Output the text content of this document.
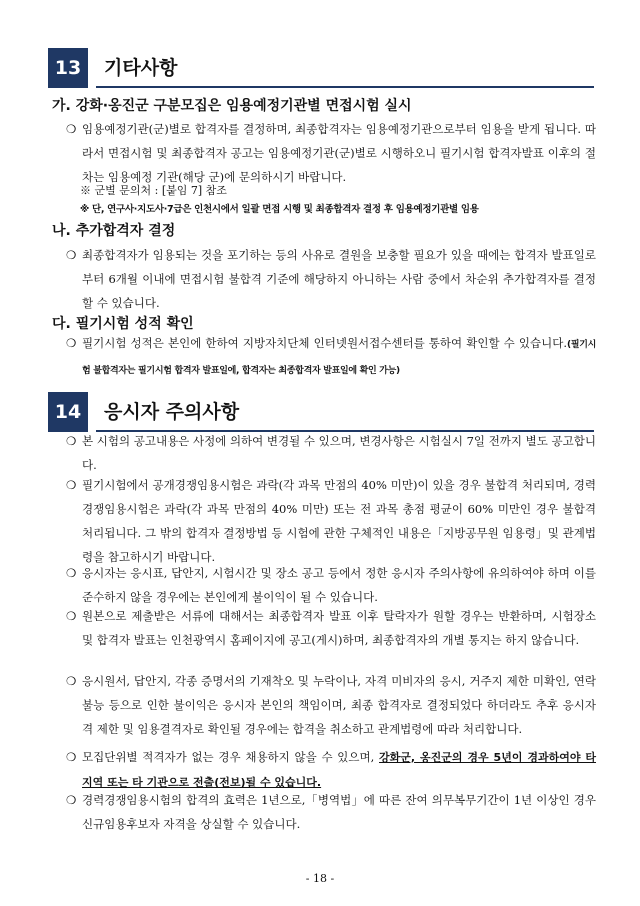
13	기타사항
가. 강화·옹진군 구분모집은 임용예정기관별 면접시험 실시
❍ 임용예정기관(군)별로 합격자를 결정하며, 최종합격자는 임용예정기관으로부터 임용을 받게 됩니다. 따라서 면접시험 및 최종합격자 공고는 임용예정기관(군)별로 시행하오니 필기시험 합격자발표 이후의 절차는 임용예정 기관(해당 군)에 문의하시기 바랍니다.
※ 군별 문의처 : [붙임 7] 참조
※ 단, 연구사·지도사·7급은 인천시에서 일괄 면접 시행 및 최종합격자 결정 후 임용예정기관별 임용
나. 추가합격자 결정
❍ 최종합격자가 임용되는 것을 포기하는 등의 사유로 결원을 보충할 필요가 있을 때에는 합격자 발표일로부터 6개월 이내에 면접시험 불합격 기준에 해당하지 아니하는 사람 중에서 차순위 추가합격자를 결정할 수 있습니다.
다. 필기시험 성적 확인
❍ 필기시험 성적은 본인에 한하여 지방자치단체 인터넷원서접수센터를 통하여 확인할 수 있습니다.(필기시험 불합격자는 필기시험 합격자 발표일에, 합격자는 최종합격자 발표일에 확인 가능)
14	응시자 주의사항
❍ 본 시험의 공고내용은 사정에 의하여 변경될 수 있으며, 변경사항은 시험실시 7일 전까지 별도 공고합니다.
❍ 필기시험에서 공개경쟁임용시험은 과락(각 과목 만점의 40% 미만)이 있을 경우 불합격 처리되며, 경력경쟁임용시험은 과락(각 과목 만점의 40% 미만) 또는 전 과목 총점 평균이 60% 미만인 경우 불합격 처리됩니다. 그 밖의 합격자 결정방법 등 시험에 관한 구체적인 내용은「지방공무원 임용령」및 관계법령을 참고하시기 바랍니다.
❍ 응시자는 응시표, 답안지, 시험시간 및 장소 공고 등에서 정한 응시자 주의사항에 유의하여야 하며 이를 준수하지 않을 경우에는 본인에게 불이익이 될 수 있습니다.
❍ 원본으로 제출받은 서류에 대해서는 최종합격자 발표 이후 탈락자가 원할 경우는 반환하며, 시험장소 및 합격자 발표는 인천광역시 홈페이지에 공고(게시)하며, 최종합격자의 개별 통지는 하지 않습니다.
❍ 응시원서, 답안지, 각종 증명서의 기재착오 및 누락이나, 자격 미비자의 응시, 거주지 제한 미확인, 연락불능 등으로 인한 불이익은 응시자 본인의 책임이며, 최종 합격자로 결정되었다 하더라도 추후 응시자격 제한 및 임용결격자로 확인될 경우에는 합격을 취소하고 관계법령에 따라 처리합니다.
❍ 모집단위별 적격자가 없는 경우 채용하지 않을 수 있으며, 강화군, 옹진군의 경우 5년이 경과하여야 타 지역 또는 타 기관으로 전출(전보)될 수 있습니다.
❍ 경력경쟁임용시험의 합격의 효력은 1년으로,「병역법」에 따른 잔여 의무복무기간이 1년 이상인 경우 신규임용후보자 자격을 상실할 수 있습니다.
- 18 -
